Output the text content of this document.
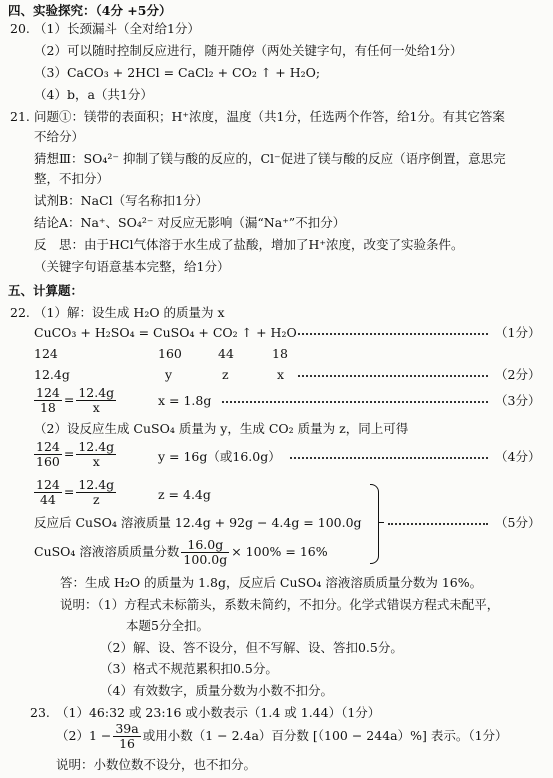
四、实验探究：（4分 +5分）
20. （1）长颈漏斗（全对给1分）
（2）可以随时控制反应进行，随开随停（两处关键字句，有任何一处给1分）
（3）CaCO₃ + 2HCl = CaCl₂ + CO₂ ↑ + H₂O;
（4）b，a（共1分）
21. 问题①：镁带的表面积；H⁺浓度，温度（共1分，任选两个作答，给1分。有其它答案
不给分）
猜想Ⅲ：SO₄²⁻ 抑制了镁与酸的反应的，Cl⁻促进了镁与酸的反应（语序倒置，意思完
整，不扣分）
试剂B：NaCl（写名称扣1分）
结论A：Na⁺、SO₄²⁻ 对反应无影响（漏“Na⁺”不扣分）
反　思：由于HCl气体溶于水生成了盐酸，增加了H⁺浓度，改变了实验条件。
（关键字句语意基本完整，给1分）
五、计算题：
22. （1）解：设生成 H₂O 的质量为 x
CuCO₃ + H₂SO₄ = CuSO₄ + CO₂ ↑ + H₂O	（1分）
124	160	44	18
12.4g	y	z	x	（2分）
$\frac{124}{18} = \frac{12.4g}{x}$	x = 1.8g	（3分）
（2）设反应生成 CuSO₄ 质量为 y，生成 CO₂ 质量为 z，同上可得
$\frac{124}{160} = \frac{12.4g}{x}$	y = 16g（或16.0g）	（4分）
$\frac{124}{44} = \frac{12.4g}{z}$	z = 4.4g
反应后 CuSO₄ 溶液质量 12.4g + 92g − 4.4g = 100.0g	（5分）
CuSO₄ 溶液溶质质量分数 $\frac{16.0g}{100.0g} \times 100\% = 16\%$
答：生成 H₂O 的质量为 1.8g，反应后 CuSO₄ 溶液溶质质量分数为 16%。
说明：（1）方程式未标箭头，系数未简约，不扣分。化学式错误方程式未配平，
本题5分全扣。
（2）解、设、答不设分，但不写解、设、答扣0.5分。
（3）格式不规范累积扣0.5分。
（4）有效数字，质量分数为小数不扣分。
23. （1）46:32 或 23:16 或小数表示（1.4 或 1.44）（1分）
$(2)1 - \frac{39a}{16}$ 或用小数（1 − 2.4a）百分数 [（100 − 244a）%] 表示。（1分）
说明：小数位数不设分，也不扣分。
